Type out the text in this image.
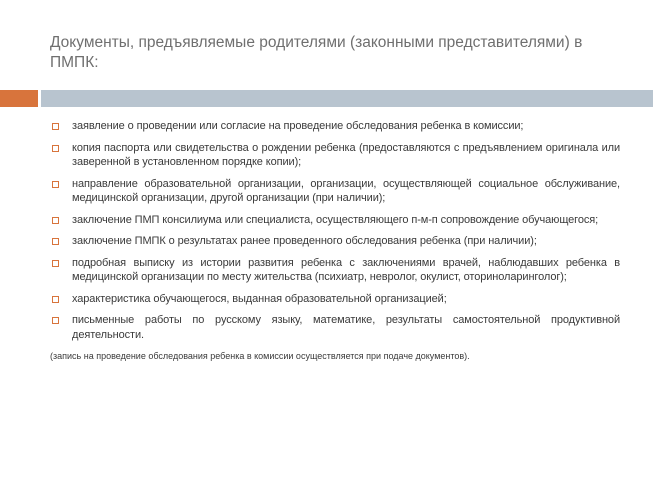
Документы, предъявляемые родителями (законными представителями) в ПМПК:
заявление о проведении или согласие на проведение обследования ребенка в комиссии;
копия паспорта или свидетельства о рождении ребенка (предоставляются с предъявлением оригинала или заверенной в установленном порядке копии);
направление образовательной организации, организации, осуществляющей социальное обслуживание, медицинской организации, другой организации (при наличии);
заключение ПМП консилиума или специалиста, осуществляющего п-м-п сопровождение обучающегося;
заключение ПМПК о результатах ранее проведенного обследования ребенка (при наличии);
подробная выписку из истории развития ребенка с заключениями врачей, наблюдавших ребенка в медицинской организации по месту жительства (психиатр, невролог, окулист, оториноларинголог);
характеристика обучающегося, выданная образовательной организацией;
письменные работы по русскому языку, математике, результаты самостоятельной продуктивной деятельности.
(запись на проведение обследования ребенка в комиссии осуществляется при подаче документов).
